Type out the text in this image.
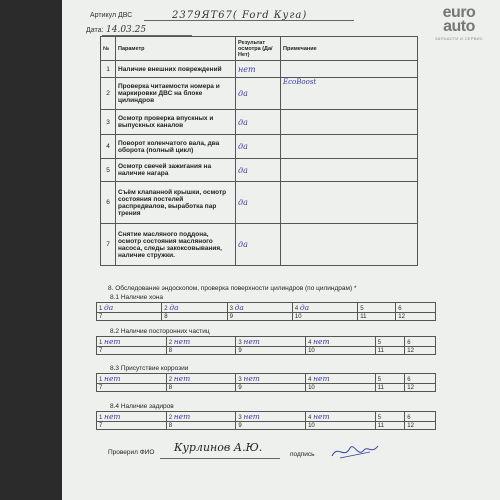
euro
auto
ЗАПЧАСТИ И СЕРВИС
Артикул ДВС	2379ЯТ67( Ford Куга)
Дата: 14.03.25
№	Параметр	Результат осмотра (Да/Нет)	Примечание
1	Наличие внешних повреждений	нет	
2	Проверка читаемости номера и маркировки ДВС на блоке цилиндров	да	EcoBoost
3	Осмотр проверка впускных и выпускных каналов	да	
4	Поворот коленчатого вала, два оборота (полный цикл)	да	
5	Осмотр свечей зажигания на наличие нагара	да	
6	Съём клапанной крышки, осмотр состояния постелей распредвалов, выработка пар трения	да	
7	Снятие масляного поддона, осмотр состояния масляного насоса, следы закоксовывания, наличие стружки.	да	
8. Обследование эндоскопом, проверка поверхности цилиндров (по цилиндрам) *
8.1 Наличие хона
1 да	2 да	3 да	4 да	5	6
7	8	9	10	11	12
8.2 Наличие посторонних частиц
1 нет	2 нет	3 нет	4 нет	5	6
7	8	9	10	11	12
8.3 Присутствие коррозии
1 нет	2 нет	3 нет	4 нет	5	6
7	8	9	10	11	12
8.4 Наличие задиров
1 нет	2 нет	3 нет	4 нет	5	6
7	8	9	10	11	12
Проверил ФИО Курлинов А.Ю.
подпись
